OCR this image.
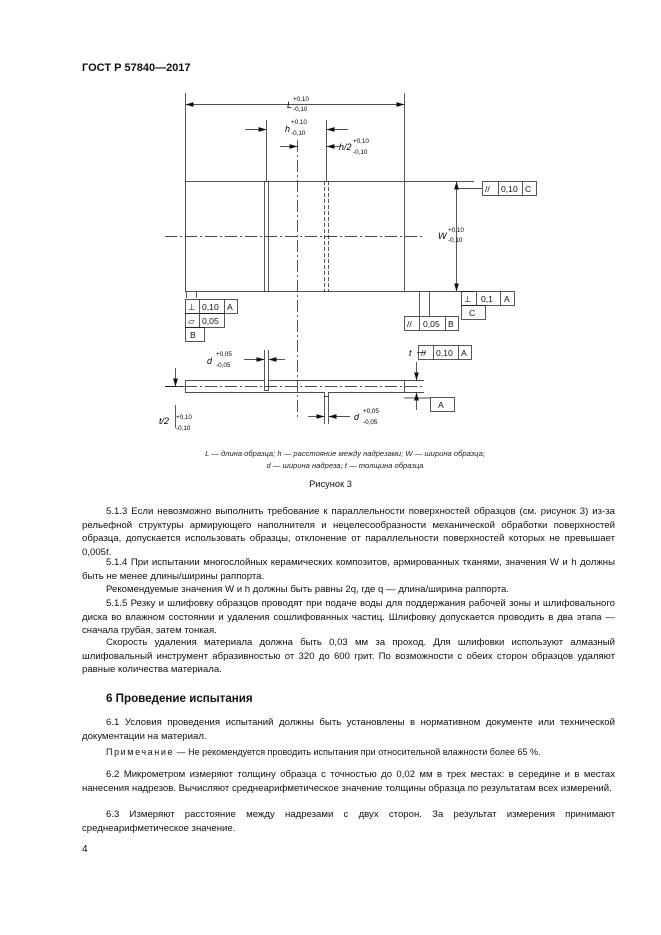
ГОСТ Р 57840—2017
L
+0,10
-0,10
h
+0,10
-0,10
h/2
+0,10
-0,10
W
+0,10
-0,10
d
+0,05
-0,05
d
+0,05
-0,05
t
t/2 +0,10
-0,10
// 0,10 C
⊥ 0,10 A
▱ 0,05
B
⊥ 0,1 A
C
// 0,05 B
// 0,10 A
A
L — длина образца; h — расстояние между надрезами; W — ширина образца;
d — ширина надреза; t — толщина образца
Рисунок 3
5.1.3 Если невозможно выполнить требование к параллельности поверхностей образцов (см. рисунок 3) из-за рельефной структуры армирующего наполнителя и нецелесообразности механической обработки поверхностей образца, допускается использовать образцы, отклонение от параллельности поверхностей которых не превышает 0,005f.
5.1.4 При испытании многослойных керамических композитов, армированных тканями, значения W и h должны быть не менее длины/ширины раппорта.
Рекомендуемые значения W и h должны быть равны 2q, где q — длина/ширина раппорта.
5.1.5 Резку и шлифовку образцов проводят при подаче воды для поддержания рабочей зоны и шлифовального диска во влажном состоянии и удаления сошлифованных частиц. Шлифовку допускается проводить в два этапа — сначала грубая, затем тонкая.
Скорость удаления материала должна быть 0,03 мм за проход. Для шлифовки используют алмазный шлифовальный инструмент абразивностью от 320 до 600 грит. По возможности с обеих сторон образцов удаляют равные количества материала.
6 Проведение испытания
6.1 Условия проведения испытаний должны быть установлены в нормативном документе или технической документации на материал.
Примечание — Не рекомендуется проводить испытания при относительной влажности более 65 %.
6.2 Микрометром измеряют толщину образца с точностью до 0,02 мм в трех местах: в середине и в местах нанесения надрезов. Вычисляют среднеарифметическое значение толщины образца по результатам всех измерений.
6.3 Измеряют расстояние между надрезами с двух сторон. За результат измерения принимают среднеарифметическое значение.
4
